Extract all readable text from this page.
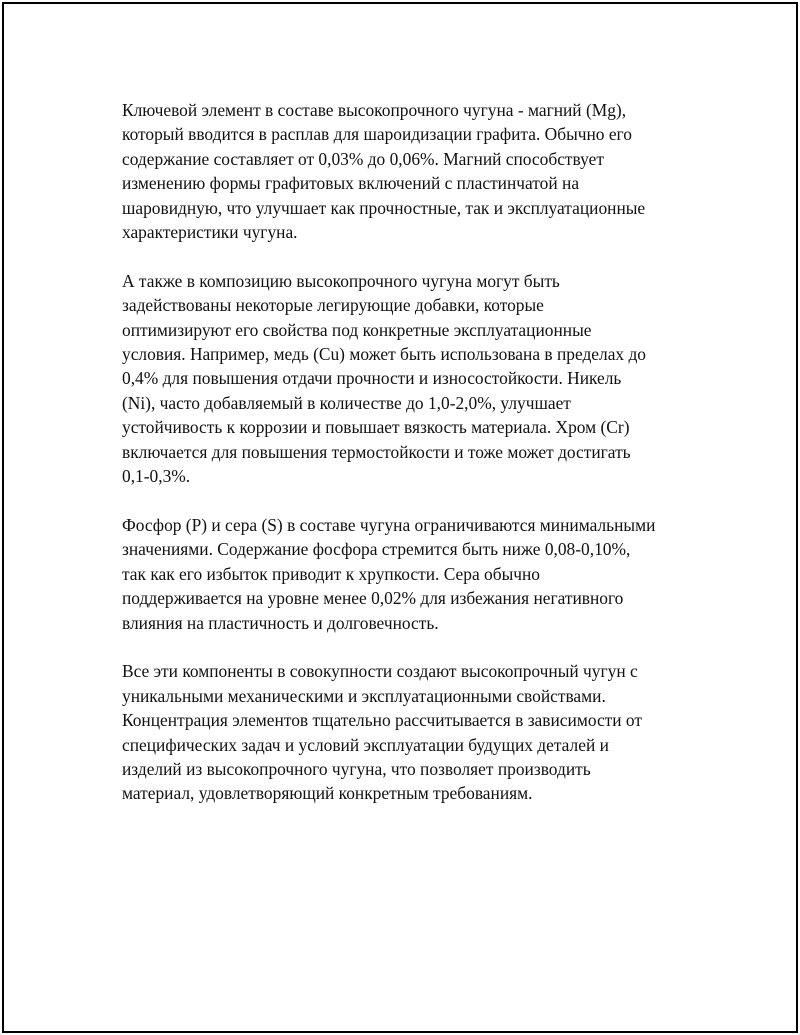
Ключевой элемент в составе высокопрочного чугуна - магний (Mg),
который вводится в расплав для шароидизации графита. Обычно его
содержание составляет от 0,03% до 0,06%. Магний способствует
изменению формы графитовых включений с пластинчатой на
шаровидную, что улучшает как прочностные, так и эксплуатационные
характеристики чугуна.

А также в композицию высокопрочного чугуна могут быть
задействованы некоторые легирующие добавки, которые
оптимизируют его свойства под конкретные эксплуатационные
условия. Например, медь (Cu) может быть использована в пределах до
0,4% для повышения отдачи прочности и износостойкости. Никель
(Ni), часто добавляемый в количестве до 1,0-2,0%, улучшает
устойчивость к коррозии и повышает вязкость материала. Хром (Cr)
включается для повышения термостойкости и тоже может достигать
0,1-0,3%.

Фосфор (P) и сера (S) в составе чугуна ограничиваются минимальными
значениями. Содержание фосфора стремится быть ниже 0,08-0,10%,
так как его избыток приводит к хрупкости. Сера обычно
поддерживается на уровне менее 0,02% для избежания негативного
влияния на пластичность и долговечность.

Все эти компоненты в совокупности создают высокопрочный чугун с
уникальными механическими и эксплуатационными свойствами.
Концентрация элементов тщательно рассчитывается в зависимости от
специфических задач и условий эксплуатации будущих деталей и
изделий из высокопрочного чугуна, что позволяет производить
материал, удовлетворяющий конкретным требованиям.
